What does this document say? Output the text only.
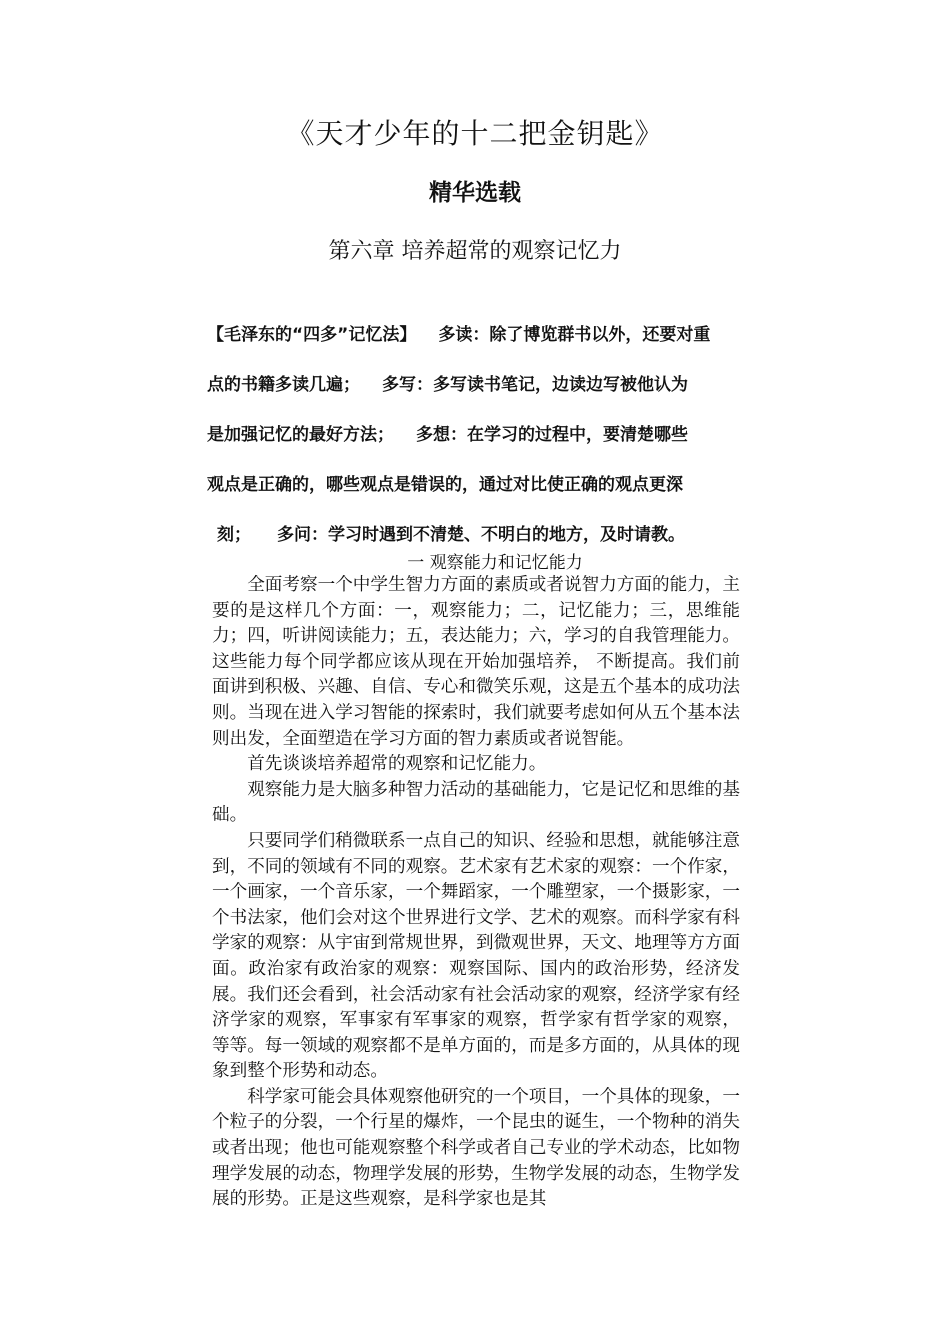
《天才少年的十二把金钥匙》
精华选载
第六章 培养超常的观察记忆力
【毛泽东的“四多”记忆法】 多读：除了博览群书以外，还要对重
点的书籍多读几遍； 多写：多写读书笔记，边读边写被他认为
是加强记忆的最好方法； 多想：在学习的过程中，要清楚哪些
观点是正确的，哪些观点是错误的，通过对比使正确的观点更深
刻； 多问：学习时遇到不清楚、不明白的地方，及时请教。
一 观察能力和记忆能力

全面考察一个中学生智力方面的素质或者说智力方面的能力，主要的是这样几个方面：一，观察能力；二，记忆能力；三，思维能力；四，听讲阅读能力；五，表达能力；六，学习的自我管理能力。这些能力每个同学都应该从现在开始加强培养， 不断提高。我们前面讲到积极、兴趣、自信、专心和微笑乐观，这是五个基本的成功法则。当现在进入学习智能的探索时，我们就要考虑如何从五个基本法则出发，全面塑造在学习方面的智力素质或者说智能。

首先谈谈培养超常的观察和记忆能力。

观察能力是大脑多种智力活动的基础能力，它是记忆和思维的基础。

只要同学们稍微联系一点自己的知识、经验和思想，就能够注意到，不同的领域有不同的观察。艺术家有艺术家的观察：一个作家，一个画家，一个音乐家，一个舞蹈家，一个雕塑家，一个摄影家，一个书法家，他们会对这个世界进行文学、艺术的观察。而科学家有科学家的观察：从宇宙到常规世界，到微观世界，天文、地理等方方面面。政治家有政治家的观察：观察国际、国内的政治形势，经济发展。我们还会看到，社会活动家有社会活动家的观察，经济学家有经济学家的观察，军事家有军事家的观察，哲学家有哲学家的观察， 等等。每一领域的观察都不是单方面的，而是多方面的，从具体的现象到整个形势和动态。

科学家可能会具体观察他研究的一个项目，一个具体的现象，一个粒子的分裂，一个行星的爆炸，一个昆虫的诞生，一个物种的消失或者出现；他也可能观察整个科学或者自己专业的学术动态，比如物理学发展的动态，物理学发展的形势，生物学发展的动态，生物学发展的形势。正是这些观察，是科学家也是其
